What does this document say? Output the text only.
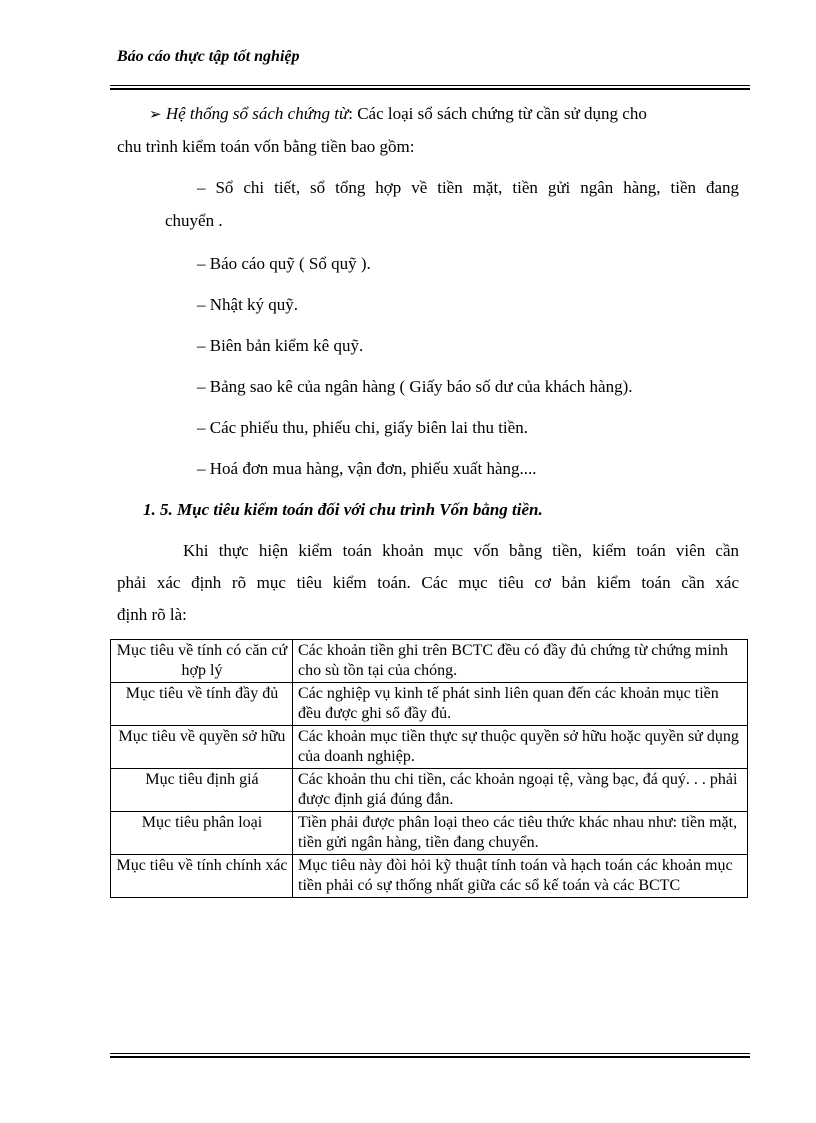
Báo cáo thực tập tốt nghiệp
➢ Hệ thống sổ sách chứng từ: Các loại sổ sách chứng từ cần sử dụng cho
chu trình kiểm toán vốn bằng tiền bao gồm:
– Sổ chi tiết, sổ tổng hợp về tiền mặt, tiền gửi ngân hàng, tiền đang
chuyển .
– Báo cáo quỹ ( Sổ quỹ ).
– Nhật ký quỹ.
– Biên bản kiểm kê quỹ.
– Bảng sao kê của ngân hàng ( Giấy báo số dư của khách hàng).
– Các phiếu thu, phiếu chi, giấy biên lai thu tiền.
– Hoá đơn mua hàng, vận đơn, phiếu xuất hàng....
1. 5. Mục tiêu kiểm toán đối với chu trình Vốn bằng tiền.
Khi thực hiện kiểm toán khoản mục vốn bằng tiền, kiểm toán viên cần
phải xác định rõ mục tiêu kiểm toán. Các mục tiêu cơ bản kiểm toán cần xác
định rõ là:
Mục tiêu về tính có căn cứ hợp lý	Các khoản tiền ghi trên BCTC đều có đầy đủ chứng từ chứng minh cho sù tồn tại của chóng.
Mục tiêu về tính đầy đủ	Các nghiệp vụ kinh tế phát sinh liên quan đến các khoản mục tiền đều được ghi sổ đầy đủ.
Mục tiêu về quyền sở hữu	Các khoản mục tiền thực sự thuộc quyền sở hữu hoặc quyền sử dụng của doanh nghiệp.
Mục tiêu định giá	Các khoản thu chi tiền, các khoản ngoại tệ, vàng bạc, đá quý. . . phải được định giá đúng đắn.
Mục tiêu phân loại	Tiền phải được phân loại theo các tiêu thức khác nhau như: tiền mặt, tiền gửi ngân hàng, tiền đang chuyển.
Mục tiêu về tính chính xác	Mục tiêu này đòi hỏi kỹ thuật tính toán và hạch toán các khoản mục tiền phải có sự thống nhất giữa các sổ kế toán và các BCTC
